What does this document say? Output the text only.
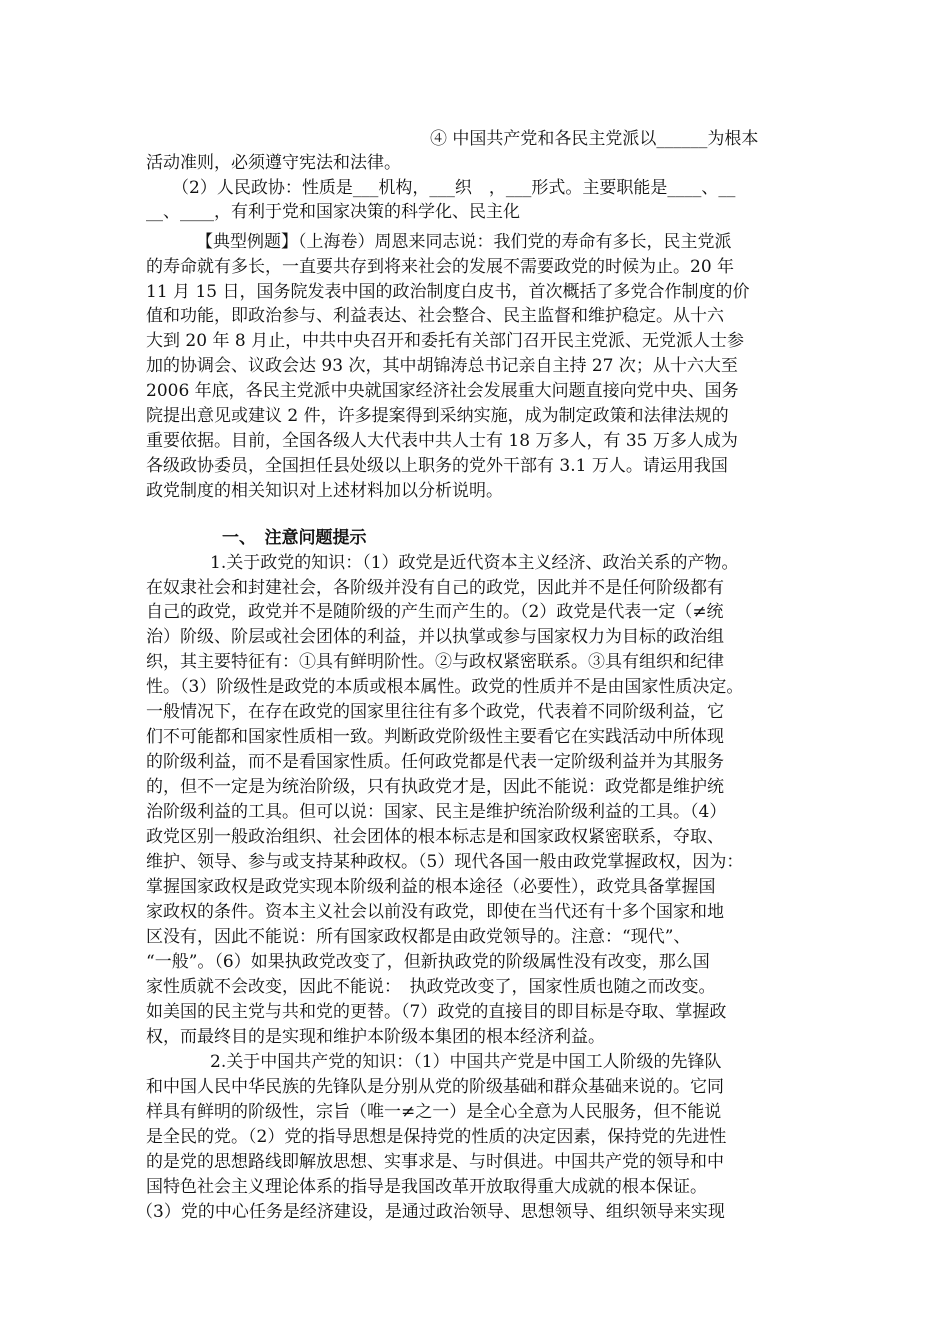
④ 中国共产党和各民主党派以______为根本
活动准则，必须遵守宪法和法律。
（2）人民政协：性质是___机构，___织　，___形式。主要职能是____、__
__、____，有利于党和国家决策的科学化、民主化
【典型例题】（上海卷）周恩来同志说：我们党的寿命有多长，民主党派
的寿命就有多长，一直要共存到将来社会的发展不需要政党的时候为止。20 年
11 月 15 日，国务院发表中国的政治制度白皮书，首次概括了多党合作制度的价
值和功能，即政治参与、利益表达、社会整合、民主监督和维护稳定。从十六
大到 20 年 8 月止，中共中央召开和委托有关部门召开民主党派、无党派人士参
加的协调会、议政会达 93 次，其中胡锦涛总书记亲自主持 27 次；从十六大至
2006 年底，各民主党派中央就国家经济社会发展重大问题直接向党中央、国务
院提出意见或建议 2 件，许多提案得到采纳实施，成为制定政策和法律法规的
重要依据。目前，全国各级人大代表中共人士有 18 万多人，有 35 万多人成为
各级政协委员，全国担任县处级以上职务的党外干部有 3.1 万人。请运用我国
政党制度的相关知识对上述材料加以分析说明。
一、　注意问题提示
1.关于政党的知识：（1）政党是近代资本主义经济、政治关系的产物。
在奴隶社会和封建社会，各阶级并没有自己的政党，因此并不是任何阶级都有
自己的政党，政党并不是随阶级的产生而产生的。（2）政党是代表一定（≠统
治）阶级、阶层或社会团体的利益，并以执掌或参与国家权力为目标的政治组
织，其主要特征有：①具有鲜明阶性。②与政权紧密联系。③具有组织和纪律
性。（3）阶级性是政党的本质或根本属性。政党的性质并不是由国家性质决定。
一般情况下，在存在政党的国家里往往有多个政党，代表着不同阶级利益，它
们不可能都和国家性质相一致。判断政党阶级性主要看它在实践活动中所体现
的阶级利益，而不是看国家性质。任何政党都是代表一定阶级利益并为其服务
的，但不一定是为统治阶级，只有执政党才是，因此不能说：政党都是维护统
治阶级利益的工具。但可以说：国家、民主是维护统治阶级利益的工具。（4）
政党区别一般政治组织、社会团体的根本标志是和国家政权紧密联系，夺取、
维护、领导、参与或支持某种政权。（5）现代各国一般由政党掌握政权，因为：
掌握国家政权是政党实现本阶级利益的根本途径（必要性），政党具备掌握国
家政权的条件。资本主义社会以前没有政党，即使在当代还有十多个国家和地
区没有，因此不能说：所有国家政权都是由政党领导的。注意：“现代”、
“一般”。（6）如果执政党改变了，但新执政党的阶级属性没有改变，那么国
家性质就不会改变，因此不能说：　执政党改变了，国家性质也随之而改变。
如美国的民主党与共和党的更替。（7）政党的直接目的即目标是夺取、掌握政
权，而最终目的是实现和维护本阶级本集团的根本经济利益。
2.关于中国共产党的知识：（1）中国共产党是中国工人阶级的先锋队
和中国人民中华民族的先锋队是分别从党的阶级基础和群众基础来说的。它同
样具有鲜明的阶级性，宗旨（唯一≠之一）是全心全意为人民服务，但不能说
是全民的党。（2）党的指导思想是保持党的性质的决定因素，保持党的先进性
的是党的思想路线即解放思想、实事求是、与时俱进。中国共产党的领导和中
国特色社会主义理论体系的指导是我国改革开放取得重大成就的根本保证。
（3）党的中心任务是经济建设，是通过政治领导、思想领导、组织领导来实现
